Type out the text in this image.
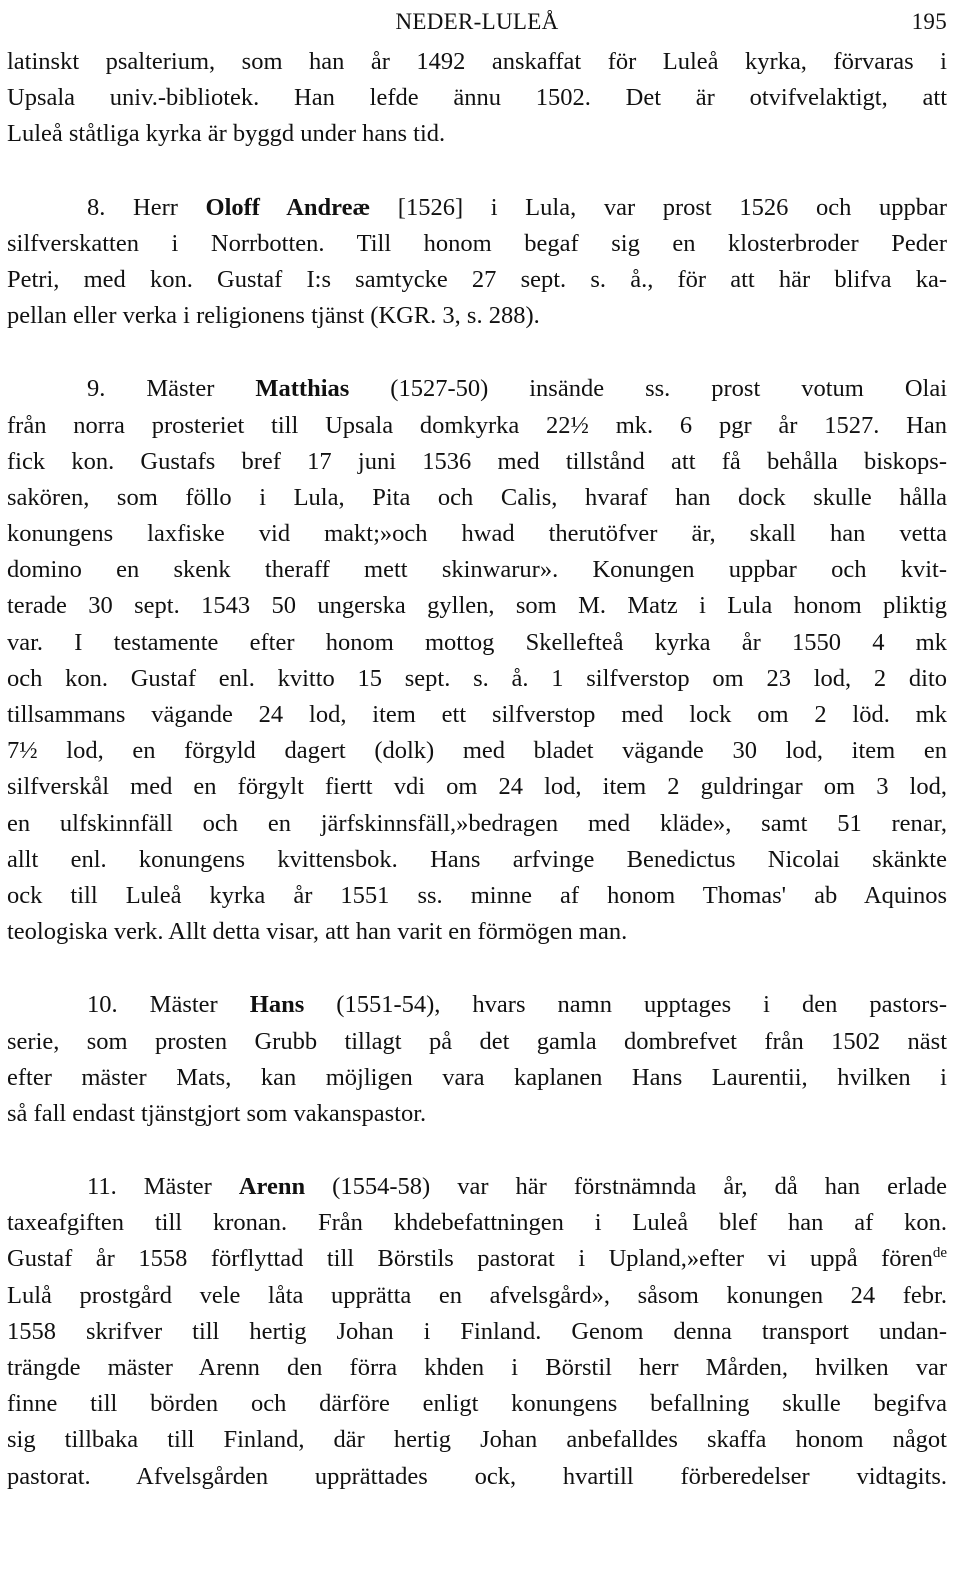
NEDER-LULEÅ	195
latinskt psalterium, som han år 1492 anskaffat för Luleå kyrka, förvaras i
Upsala univ.-bibliotek. Han lefde ännu 1502. Det är otvifvelaktigt, att
Luleå ståtliga kyrka är byggd under hans tid.
8. Herr Oloff Andreæ [1526] i Lula, var prost 1526 och uppbar
silfverskatten i Norrbotten. Till honom begaf sig en klosterbroder Peder
Petri, med kon. Gustaf I:s samtycke 27 sept. s. å., för att här blifva ka-
pellan eller verka i religionens tjänst (KGR. 3, s. 288).
9. Mäster Matthias (1527-50) insände ss. prost votum Olai
från norra prosteriet till Upsala domkyrka 22½ mk. 6 pgr år 1527. Han
fick kon. Gustafs bref 17 juni 1536 med tillstånd att få behålla biskops-
sakören, som föllo i Lula, Pita och Calis, hvaraf han dock skulle hålla
konungens laxfiske vid makt;»och hwad therutöfver är, skall han vetta
domino en skenk theraff mett skinwarur». Konungen uppbar och kvit-
terade 30 sept. 1543 50 ungerska gyllen, som M. Matz i Lula honom pliktig
var. I testamente efter honom mottog Skellefteå kyrka år 1550 4 mk
och kon. Gustaf enl. kvitto 15 sept. s. å. 1 silfverstop om 23 lod, 2 dito
tillsammans vägande 24 lod, item ett silfverstop med lock om 2 löd. mk
7½ lod, en förgyld dagert (dolk) med bladet vägande 30 lod, item en
silfverskål med en förgylt fiertt vdi om 24 lod, item 2 guldringar om 3 lod,
en ulfskinnfäll och en järfskinnsfäll,»bedragen med kläde», samt 51 renar,
allt enl. konungens kvittensbok. Hans arfvinge Benedictus Nicolai skänkte
ock till Luleå kyrka år 1551 ss. minne af honom Thomas' ab Aquinos
teologiska verk. Allt detta visar, att han varit en förmögen man.
10. Mäster Hans (1551-54), hvars namn upptages i den pastors-
serie, som prosten Grubb tillagt på det gamla dombrefvet från 1502 näst
efter mäster Mats, kan möjligen vara kaplanen Hans Laurentii, hvilken i
så fall endast tjänstgjort som vakanspastor.
11. Mäster Arenn (1554-58) var här förstnämnda år, då han erlade
taxeafgiften till kronan. Från khdebefattningen i Luleå blef han af kon.
Gustaf år 1558 förflyttad till Börstils pastorat i Upland,»efter vi uppå fören$^{de}$
Lulå prostgård vele låta upprätta en afvelsgård», såsom konungen 24 febr.
1558 skrifver till hertig Johan i Finland. Genom denna transport undan-
trängde mäster Arenn den förra khden i Börstil herr Mården, hvilken var
finne till börden och därföre enligt konungens befallning skulle begifva
sig tillbaka till Finland, där hertig Johan anbefalldes skaffa honom något
pastorat. Afvelsgården upprättades ock, hvartill förberedelser vidtagits.
